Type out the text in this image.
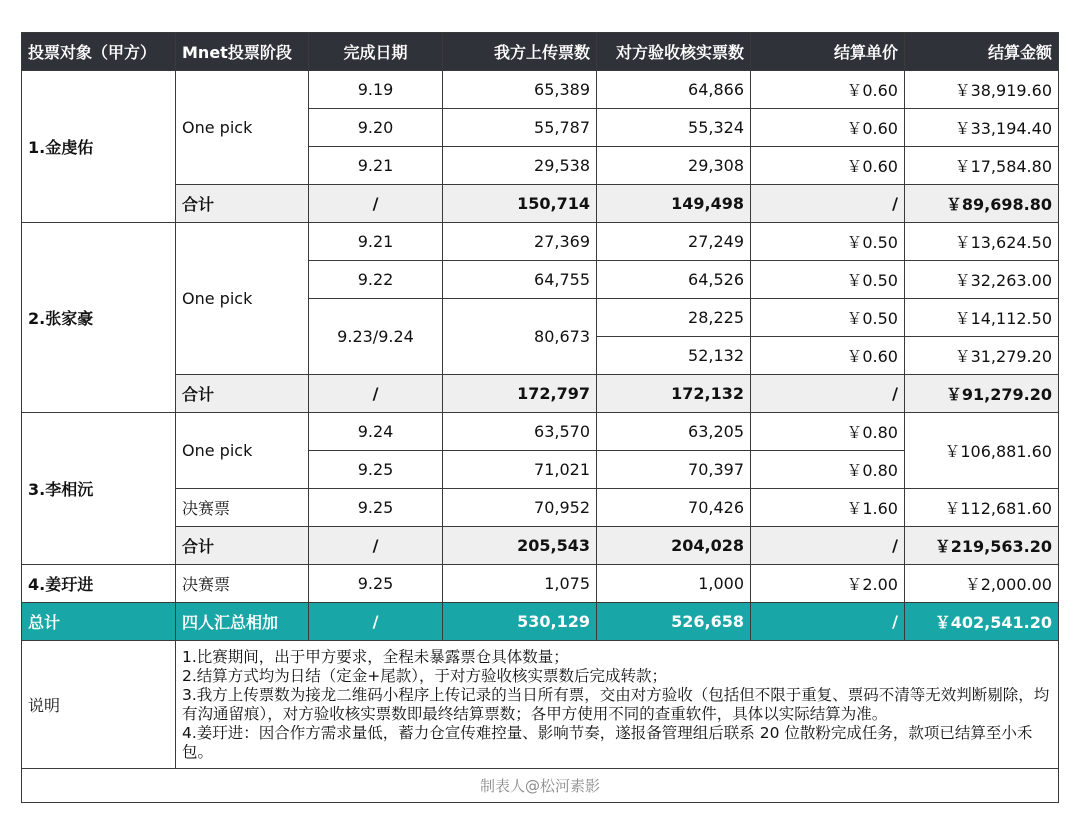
投票对象（甲方）	Mnet投票阶段	完成日期	我方上传票数	对方验收核实票数	结算单价	结算金额
1.金虔佑	One pick	9.19	65,389	64,866	￥0.60	￥38,919.60
		9.20	55,787	55,324	￥0.60	￥33,194.40
		9.21	29,538	29,308	￥0.60	￥17,584.80
	合计	/	150,714	149,498	/	￥89,698.80
2.张家豪	One pick	9.21	27,369	27,249	￥0.50	￥13,624.50
		9.22	64,755	64,526	￥0.50	￥32,263.00
		9.23/9.24	80,673	28,225	￥0.50	￥14,112.50
				52,132	￥0.60	￥31,279.20
	合计	/	172,797	172,132	/	￥91,279.20
3.李相沅	One pick	9.24	63,570	63,205	￥0.80	￥106,881.60
		9.25	71,021	70,397	￥0.80	
	决赛票	9.25	70,952	70,426	￥1.60	￥112,681.60
	合计	/	205,543	204,028	/	￥219,563.20
4.姜玗进	决赛票	9.25	1,075	1,000	￥2.00	￥2,000.00
总计	四人汇总相加	/	530,129	526,658	/	￥402,541.20
说明	1.比赛期间，出于甲方要求，全程未暴露票仓具体数量；
2.结算方式均为日结（定金+尾款），于对方验收核实票数后完成转款；
3.我方上传票数为接龙二维码小程序上传记录的当日所有票，交由对方验收（包括但不限于重复、票码不清等无效判断剔除，均有沟通留痕），对方验收核实票数即最终结算票数；各甲方使用不同的查重软件，具体以实际结算为准。
4.姜玗进：因合作方需求量低，蓄力仓宣传难控量、影响节奏，遂报备管理组后联系 20 位散粉完成任务，款项已结算至小禾包。					

制表人@松河素影						
